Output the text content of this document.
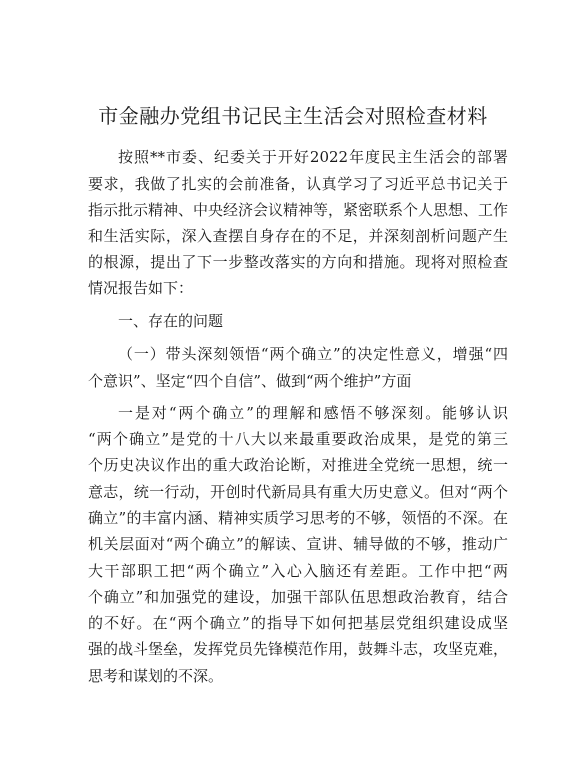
市金融办党组书记民主生活会对照检查材料
按照**市委、纪委关于开好2022年度民主生活会的部署
要求，我做了扎实的会前准备，认真学习了习近平总书记关于
指示批示精神、中央经济会议精神等，紧密联系个人思想、工作
和生活实际，深入查摆自身存在的不足，并深刻剖析问题产生
的根源，提出了下一步整改落实的方向和措施。现将对照检查
情况报告如下：
一、存在的问题
（一）带头深刻领悟“两个确立”的决定性意义，增强“四
个意识”、坚定“四个自信”、做到“两个维护”方面
一是对“两个确立”的理解和感悟不够深刻。能够认识
“两个确立”是党的十八大以来最重要政治成果，是党的第三
个历史决议作出的重大政治论断，对推进全党统一思想，统一
意志，统一行动，开创时代新局具有重大历史意义。但对“两个
确立”的丰富内涵、精神实质学习思考的不够，领悟的不深。在
机关层面对“两个确立”的解读、宣讲、辅导做的不够，推动广
大干部职工把“两个确立”入心入脑还有差距。工作中把“两
个确立”和加强党的建设，加强干部队伍思想政治教育，结合
的不好。在“两个确立”的指导下如何把基层党组织建设成坚
强的战斗堡垒，发挥党员先锋模范作用，鼓舞斗志，攻坚克难，
思考和谋划的不深。
